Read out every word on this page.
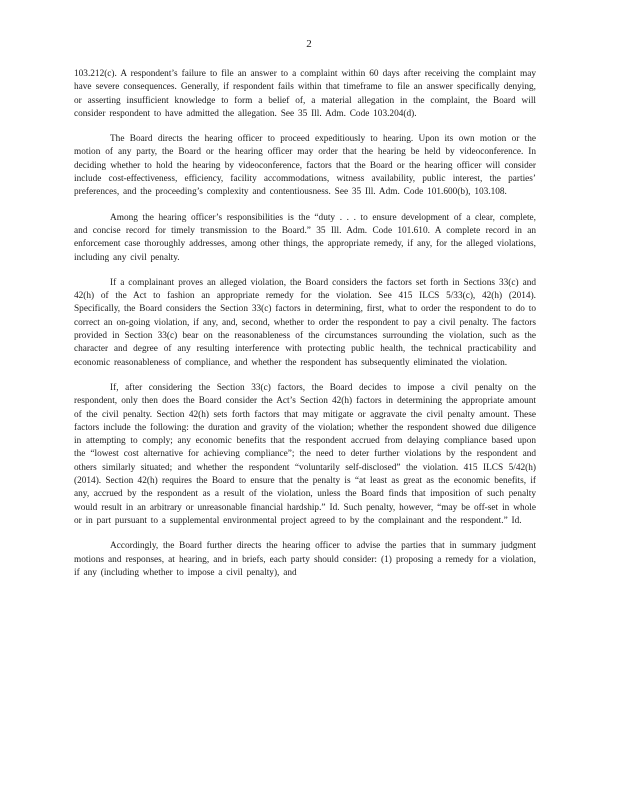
2

103.212(c). A respondent’s failure to file an answer to a complaint within 60 days after receiving the complaint may have severe consequences. Generally, if respondent fails within that timeframe to file an answer specifically denying, or asserting insufficient knowledge to form a belief of, a material allegation in the complaint, the Board will consider respondent to have admitted the allegation. See 35 Ill. Adm. Code 103.204(d).

The Board directs the hearing officer to proceed expeditiously to hearing. Upon its own motion or the motion of any party, the Board or the hearing officer may order that the hearing be held by videoconference. In deciding whether to hold the hearing by videoconference, factors that the Board or the hearing officer will consider include cost-effectiveness, efficiency, facility accommodations, witness availability, public interest, the parties’ preferences, and the proceeding’s complexity and contentiousness. See 35 Ill. Adm. Code 101.600(b), 103.108.

Among the hearing officer’s responsibilities is the “duty . . . to ensure development of a clear, complete, and concise record for timely transmission to the Board.” 35 Ill. Adm. Code 101.610. A complete record in an enforcement case thoroughly addresses, among other things, the appropriate remedy, if any, for the alleged violations, including any civil penalty.

If a complainant proves an alleged violation, the Board considers the factors set forth in Sections 33(c) and 42(h) of the Act to fashion an appropriate remedy for the violation. See 415 ILCS 5/33(c), 42(h) (2014). Specifically, the Board considers the Section 33(c) factors in determining, first, what to order the respondent to do to correct an on-going violation, if any, and, second, whether to order the respondent to pay a civil penalty. The factors provided in Section 33(c) bear on the reasonableness of the circumstances surrounding the violation, such as the character and degree of any resulting interference with protecting public health, the technical practicability and economic reasonableness of compliance, and whether the respondent has subsequently eliminated the violation.

If, after considering the Section 33(c) factors, the Board decides to impose a civil penalty on the respondent, only then does the Board consider the Act’s Section 42(h) factors in determining the appropriate amount of the civil penalty. Section 42(h) sets forth factors that may mitigate or aggravate the civil penalty amount. These factors include the following: the duration and gravity of the violation; whether the respondent showed due diligence in attempting to comply; any economic benefits that the respondent accrued from delaying compliance based upon the “lowest cost alternative for achieving compliance”; the need to deter further violations by the respondent and others similarly situated; and whether the respondent “voluntarily self-disclosed” the violation. 415 ILCS 5/42(h) (2014). Section 42(h) requires the Board to ensure that the penalty is “at least as great as the economic benefits, if any, accrued by the respondent as a result of the violation, unless the Board finds that imposition of such penalty would result in an arbitrary or unreasonable financial hardship.” Id. Such penalty, however, “may be off-set in whole or in part pursuant to a supplemental environmental project agreed to by the complainant and the respondent.” Id.

Accordingly, the Board further directs the hearing officer to advise the parties that in summary judgment motions and responses, at hearing, and in briefs, each party should consider: (1) proposing a remedy for a violation, if any (including whether to impose a civil penalty), and
